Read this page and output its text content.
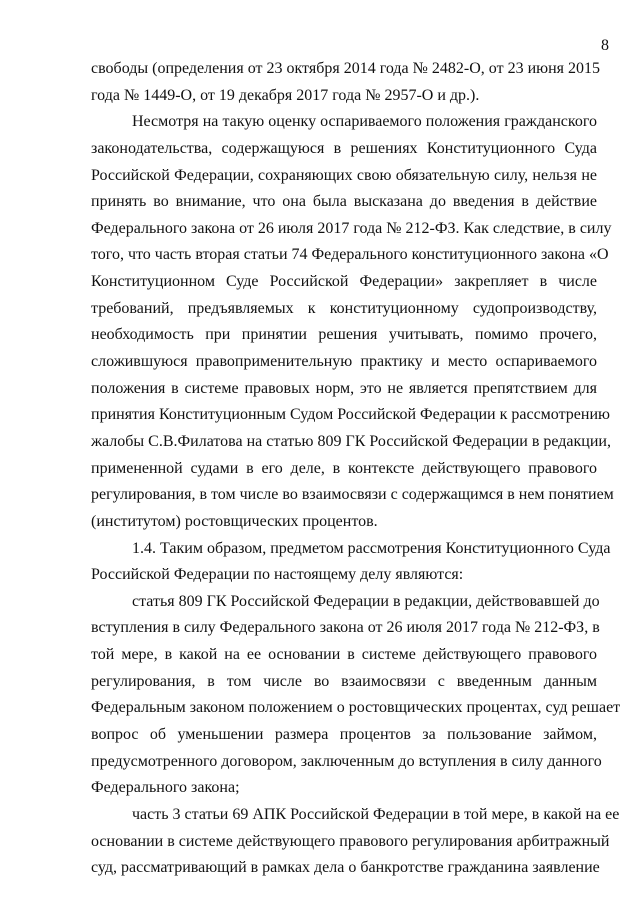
8
свободы (определения от 23 октября 2014 года № 2482-О, от 23 июня 2015
года № 1449-О, от 19 декабря 2017 года № 2957-О и др.).
Несмотря на такую оценку оспариваемого положения гражданского
законодательства, содержащуюся в решениях Конституционного Суда
Российской Федерации, сохраняющих свою обязательную силу, нельзя не
принять во внимание, что она была высказана до введения в действие
Федерального закона от 26 июля 2017 года № 212-ФЗ. Как следствие, в силу
того, что часть вторая статьи 74 Федерального конституционного закона «О
Конституционном Суде Российской Федерации» закрепляет в числе
требований, предъявляемых к конституционному судопроизводству,
необходимость при принятии решения учитывать, помимо прочего,
сложившуюся правоприменительную практику и место оспариваемого
положения в системе правовых норм, это не является препятствием для
принятия Конституционным Судом Российской Федерации к рассмотрению
жалобы С.В.Филатова на статью 809 ГК Российской Федерации в редакции,
примененной судами в его деле, в контексте действующего правового
регулирования, в том числе во взаимосвязи с содержащимся в нем понятием
(институтом) ростовщических процентов.
1.4. Таким образом, предметом рассмотрения Конституционного Суда
Российской Федерации по настоящему делу являются:
статья 809 ГК Российской Федерации в редакции, действовавшей до
вступления в силу Федерального закона от 26 июля 2017 года № 212-ФЗ, в
той мере, в какой на ее основании в системе действующего правового
регулирования, в том числе во взаимосвязи с введенным данным
Федеральным законом положением о ростовщических процентах, суд решает
вопрос об уменьшении размера процентов за пользование займом,
предусмотренного договором, заключенным до вступления в силу данного
Федерального закона;
часть 3 статьи 69 АПК Российской Федерации в той мере, в какой на ее
основании в системе действующего правового регулирования арбитражный
суд, рассматривающий в рамках дела о банкротстве гражданина заявление
